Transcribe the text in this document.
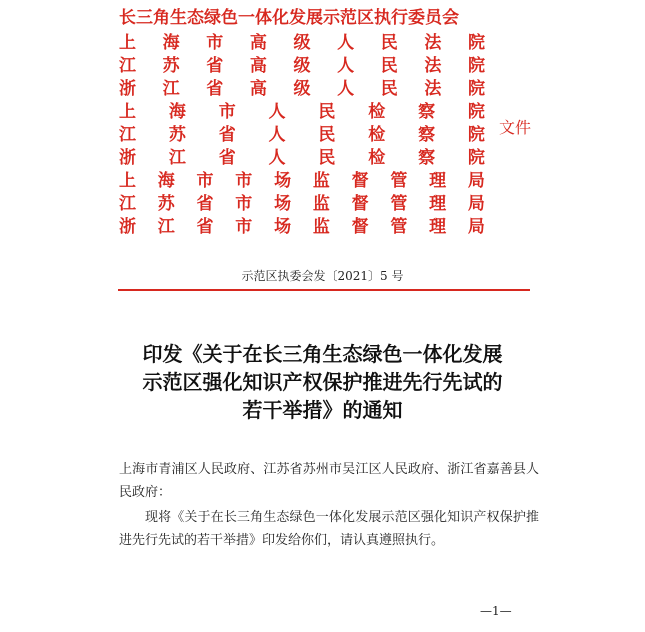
长三角生态绿色一体化发展示范区执行委员会
上 海 市 高 级 人 民 法 院
江 苏 省 高 级 人 民 法 院
浙 江 省 高 级 人 民 法 院
上 海 市 人 民 检 察 院
江 苏 省 人 民 检 察 院
浙 江 省 人 民 检 察 院
上 海 市 市 场 监 督 管 理 局
江 苏 省 市 场 监 督 管 理 局
浙 江 省 市 场 监 督 管 理 局
文件
示范区执委会发〔2021〕5 号
印发《关于在长三角生态绿色一体化发展
示范区强化知识产权保护推进先行先试的
若干举措》的通知

上海市青浦区人民政府、江苏省苏州市吴江区人民政府、浙江省嘉善县人民政府：

现将《关于在长三角生态绿色一体化发展示范区强化知识产权保护推进先行先试的若干举措》印发给你们，请认真遵照执行。

—1—
